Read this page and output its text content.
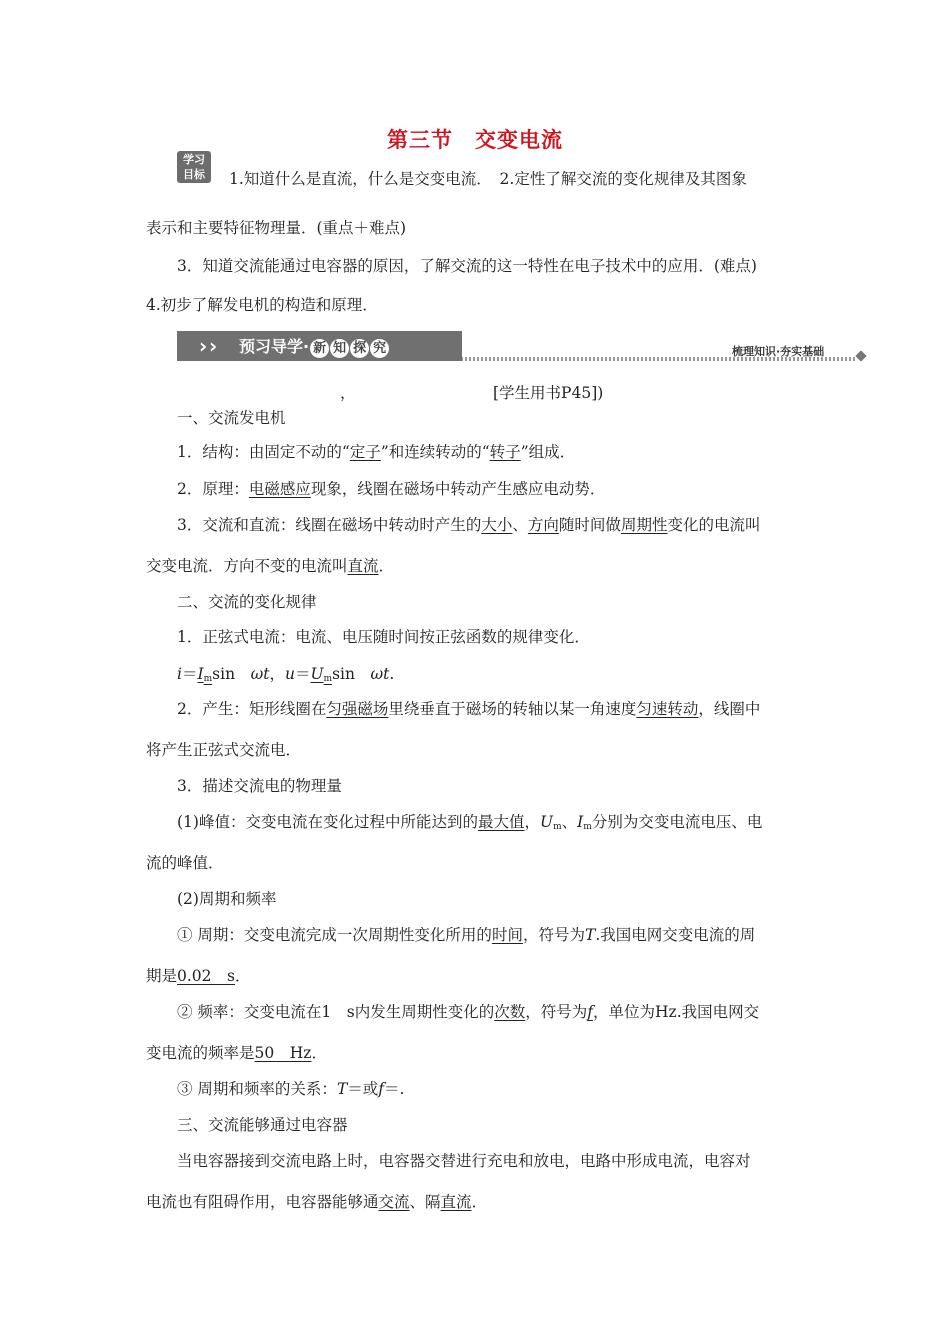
第三节　交变电流
学习
目标	1.知道什么是直流，什么是交变电流．　2.定性了解交流的变化规律及其图象
表示和主要特征物理量．(重点＋难点)
3．知道交流能通过电容器的原因，了解交流的这一特性在电子技术中的应用．(难点)
4.初步了解发电机的构造和原理．
› › 预习导学· 新 知 探 究	梳理知识·夯实基础
，	[学生用书P45])
一、交流发电机
1．结构：由固定不动的“定子”和连续转动的“转子”组成．
2．原理：电磁感应现象，线圈在磁场中转动产生感应电动势．
3．交流和直流：线圈在磁场中转动时产生的大小、方向随时间做周期性变化的电流叫
交变电流．方向不变的电流叫直流．
二、交流的变化规律
1．正弦式电流：电流、电压随时间按正弦函数的规律变化．
$i=I_m\sin$　ωt，$u=U_m\sin$　ωt.
2．产生：矩形线圈在匀强磁场里绕垂直于磁场的转轴以某一角速度匀速转动，线圈中
将产生正弦式交流电．
3．描述交流电的物理量
(1)峰值：交变电流在变化过程中所能达到的最大值，$U_m$、$I_m$分别为交变电流电压、电
流的峰值．
(2)周期和频率
① 周期：交变电流完成一次周期性变化所用的时间，符号为T.我国电网交变电流的周
期是0.02　s．
② 频率：交变电流在1　s内发生周期性变化的次数，符号为f，单位为Hz.我国电网交
变电流的频率是50　Hz．
③ 周期和频率的关系：T＝或f＝.
三、交流能够通过电容器
当电容器接到交流电路上时，电容器交替进行充电和放电，电路中形成电流，电容对
电流也有阻碍作用，电容器能够通交流、隔直流．
